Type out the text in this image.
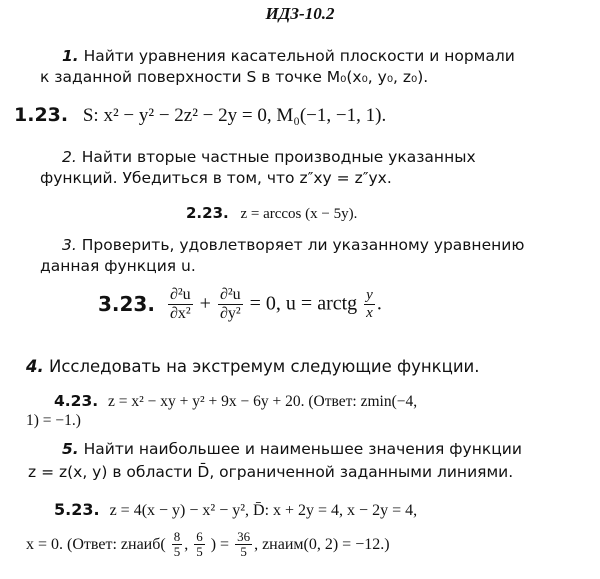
ИДЗ-10.2
1. Найти уравнения касательной плоскости и нормали
к заданной поверхности S в точке M₀(x₀, y₀, z₀).
1.23. S: x² − y² − 2z² − 2y = 0, M₀(−1, −1, 1).
2. Найти вторые частные производные указанных
функций. Убедиться в том, что z″xy = z″yx.
2.23. z = arccos (x − 5y).
3. Проверить, удовлетворяет ли указанному уравнению
данная функция u.
3.23. $\frac{\text{∂²u}}{\text{∂x²}} + \frac{\text{∂²u}}{\text{∂y²}} = 0$, u = arctg $\frac{y}{x}$ .
4. Исследовать на экстремум следующие функции.
4.23. z = x² − xy + y² + 9x − 6y + 20. (Ответ: zmin(−4,
1) = −1.)
5. Найти наибольшее и наименьшее значения функции
z = z(x, y) в области D̄, ограниченной заданными линиями.
5.23. z = 4(x − y) − x² − y², D̄: x + 2y = 4, x − 2y = 4,
x = 0. (Ответ: zнаиб( $\frac{8}{5}$ , $\frac{6}{5}$ ) = $\frac{36}{5}$ , zнаим(0, 2) = −12.)
